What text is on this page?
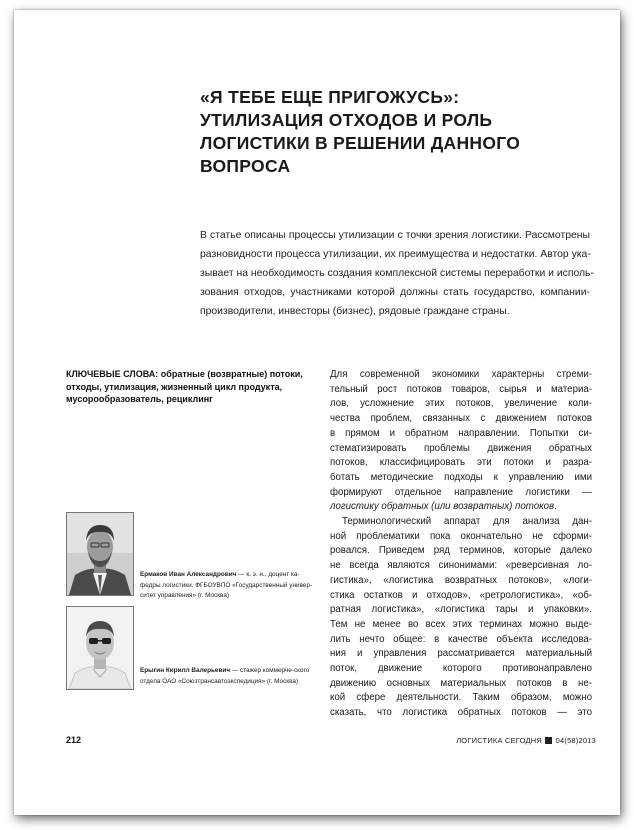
«Я ТЕБЕ ЕЩЕ ПРИГОЖУСЬ»: УТИЛИЗАЦИЯ ОТХОДОВ И РОЛЬ ЛОГИСТИКИ В РЕШЕНИИ ДАННОГО ВОПРОСА

В статье описаны процессы утилизации с точки зрения логистики. Рассмотрены
разновидности процесса утилизации, их преимущества и недостатки. Автор ука-
зывает на необходимость создания комплексной системы переработки и исполь-
зования отходов, участниками которой должны стать государство, компании-
производители, инвесторы (бизнес), рядовые граждане страны.

КЛЮЧЕВЫЕ СЛОВА: обратные (возвратные) потоки, отходы, утилизация, жизненный цикл продукта, мусорообразователь, рециклинг

Для современной экономики характерны стреми-
тельный рост потоков товаров, сырья и материа-
лов, усложнение этих потоков, увеличение коли-
чества проблем, связанных с движением потоков
в прямом и обратном направлении. Попытки си-
стематизировать проблемы движения обратных
потоков, классифицировать эти потоки и разра-
ботать методические подходы к управлению ими
формируют отдельное направление логистики —
логистику обратных (или возвратных) потоков.
Терминологический аппарат для анализа дан-
ной проблематики пока окончательно не сформи-
ровался. Приведем ряд терминов, которые далеко
не всегда являются синонимами: «реверсивная ло-
гистика», «логистика возвратных потоков», «логи-
стика остатков и отходов», «ретрологистика», «об-
ратная логистика», «логистика тары и упаковки».
Тем не менее во всех этих терминах можно выде-
лить нечто общее: в качестве объекта исследова-
ния и управления рассматривается материальный
поток, движение которого противонаправлено
движению основных материальных потоков в не-
кой сфере деятельности. Таким образом, можно
сказать, что логистика обратных потоков — это
Ермаков Иван Александрович — к. э. н., доцент ка-федры логистики, ФГБОУВПО «Государственный универ-ситет управления» (г. Москва)
Ерыгин Кирилл Валерьевич — стажер коммерче-ского отдела ОАО «Союзтрансавтоэкспедиция» (г. Москва)
212	ЛОГИСТИКА СЕГОДНЯ 04(58)2013
